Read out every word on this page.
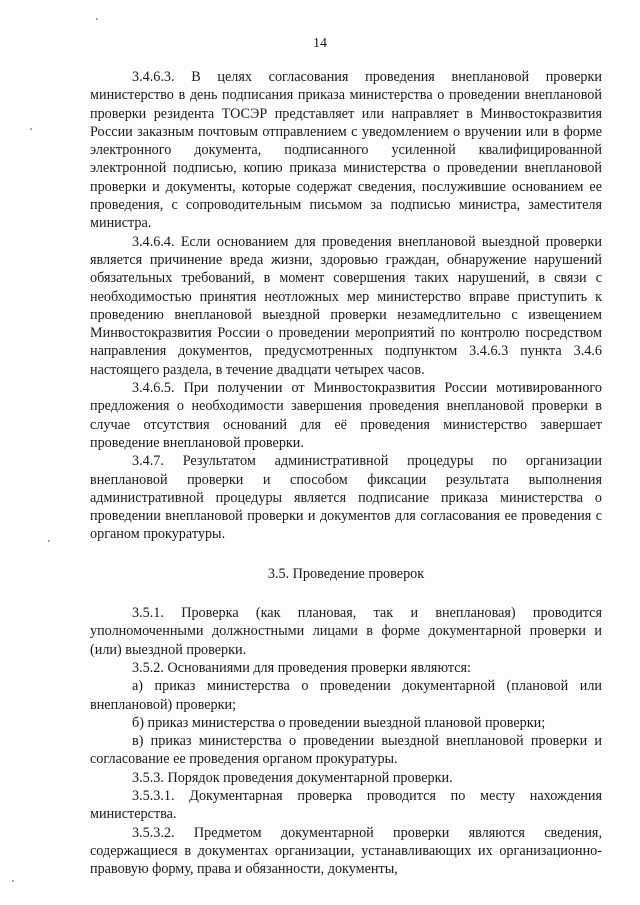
14

3.4.6.3. В целях согласования проведения внеплановой проверки министерство в день подписания приказа министерства о проведении внеплановой проверки резидента ТОСЭР представляет или направляет в Минвостокразвития России заказным почтовым отправлением с уведомлением о вручении или в форме электронного документа, подписанного усиленной квалифицированной электронной подписью, копию приказа министерства о проведении внеплановой проверки и документы, которые содержат сведения, послужившие основанием ее проведения, с сопроводительным письмом за подписью министра, заместителя министра.

3.4.6.4. Если основанием для проведения внеплановой выездной проверки является причинение вреда жизни, здоровью граждан, обнаружение нарушений обязательных требований, в момент совершения таких нарушений, в связи с необходимостью принятия неотложных мер министерство вправе приступить к проведению внеплановой выездной проверки незамедлительно с извещением Минвостокразвития России о проведении мероприятий по контролю посредством направления документов, предусмотренных подпунктом 3.4.6.3 пункта 3.4.6 настоящего раздела, в течение двадцати четырех часов.

3.4.6.5. При получении от Минвостокразвития России мотивированного предложения о необходимости завершения проведения внеплановой проверки в случае отсутствия оснований для её проведения министерство завершает проведение внеплановой проверки.

3.4.7. Результатом административной процедуры по организации внеплановой проверки и способом фиксации результата выполнения административной процедуры является подписание приказа министерства о проведении внеплановой проверки и документов для согласования ее проведения с органом прокуратуры.

3.5. Проведение проверок

3.5.1. Проверка (как плановая, так и внеплановая) проводится уполномоченными должностными лицами в форме документарной проверки и (или) выездной проверки.

3.5.2. Основаниями для проведения проверки являются:

а) приказ министерства о проведении документарной (плановой или внеплановой) проверки;

б) приказ министерства о проведении выездной плановой проверки;

в) приказ министерства о проведении выездной внеплановой проверки и согласование ее проведения органом прокуратуры.

3.5.3. Порядок проведения документарной проверки.

3.5.3.1. Документарная проверка проводится по месту нахождения министерства.

3.5.3.2. Предметом документарной проверки являются сведения, содержащиеся в документах организации, устанавливающих их организационно-правовую форму, права и обязанности, документы,
